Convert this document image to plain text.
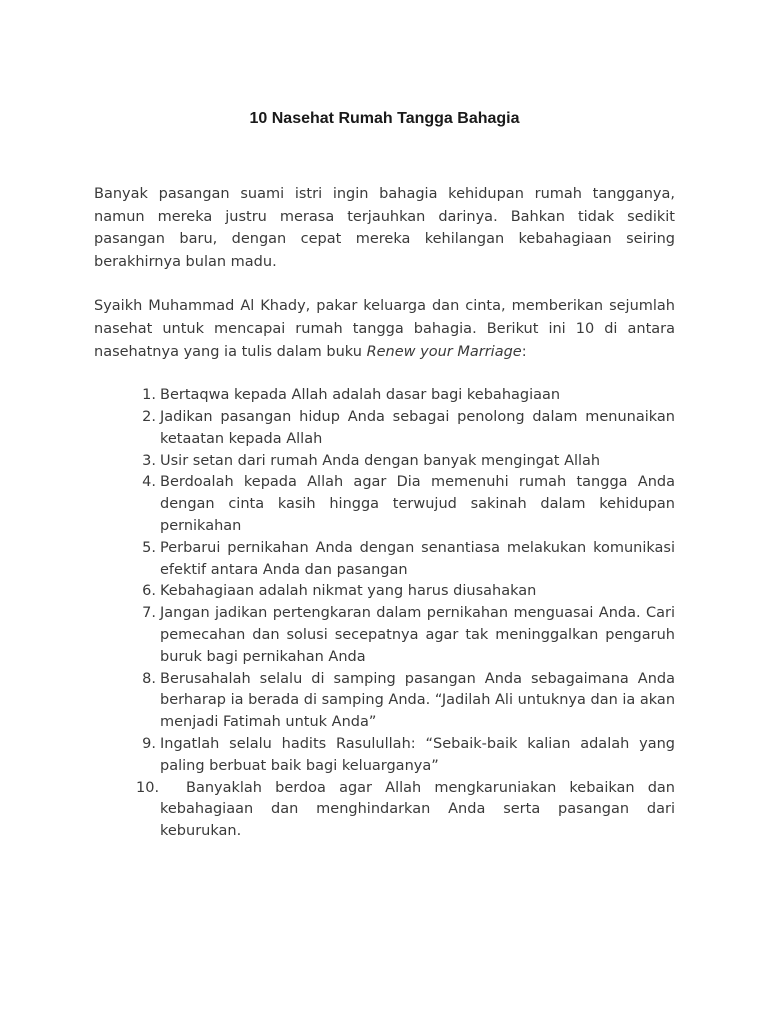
10 Nasehat Rumah Tangga Bahagia

Banyak pasangan suami istri ingin bahagia kehidupan rumah tangganya, namun mereka justru merasa terjauhkan darinya. Bahkan tidak sedikit pasangan baru, dengan cepat mereka kehilangan kebahagiaan seiring berakhirnya bulan madu.

Syaikh Muhammad Al Khady, pakar keluarga dan cinta, memberikan sejumlah nasehat untuk mencapai rumah tangga bahagia. Berikut ini 10 di antara nasehatnya yang ia tulis dalam buku Renew your Marriage:

1. Bertaqwa kepada Allah adalah dasar bagi kebahagiaan
2. Jadikan pasangan hidup Anda sebagai penolong dalam menunaikan ketaatan kepada Allah
3. Usir setan dari rumah Anda dengan banyak mengingat Allah
4. Berdoalah kepada Allah agar Dia memenuhi rumah tangga Anda dengan cinta kasih hingga terwujud sakinah dalam kehidupan pernikahan
5. Perbarui pernikahan Anda dengan senantiasa melakukan komunikasi efektif antara Anda dan pasangan
6. Kebahagiaan adalah nikmat yang harus diusahakan
7. Jangan jadikan pertengkaran dalam pernikahan menguasai Anda. Cari pemecahan dan solusi secepatnya agar tak meninggalkan pengaruh buruk bagi pernikahan Anda
8. Berusahalah selalu di samping pasangan Anda sebagaimana Anda berharap ia berada di samping Anda. “Jadilah Ali untuknya dan ia akan menjadi Fatimah untuk Anda”
9. Ingatlah selalu hadits Rasulullah: “Sebaik-baik kalian adalah yang paling berbuat baik bagi keluarganya”
10. Banyaklah berdoa agar Allah mengkaruniakan kebaikan dan kebahagiaan dan menghindarkan Anda serta pasangan dari keburukan.
